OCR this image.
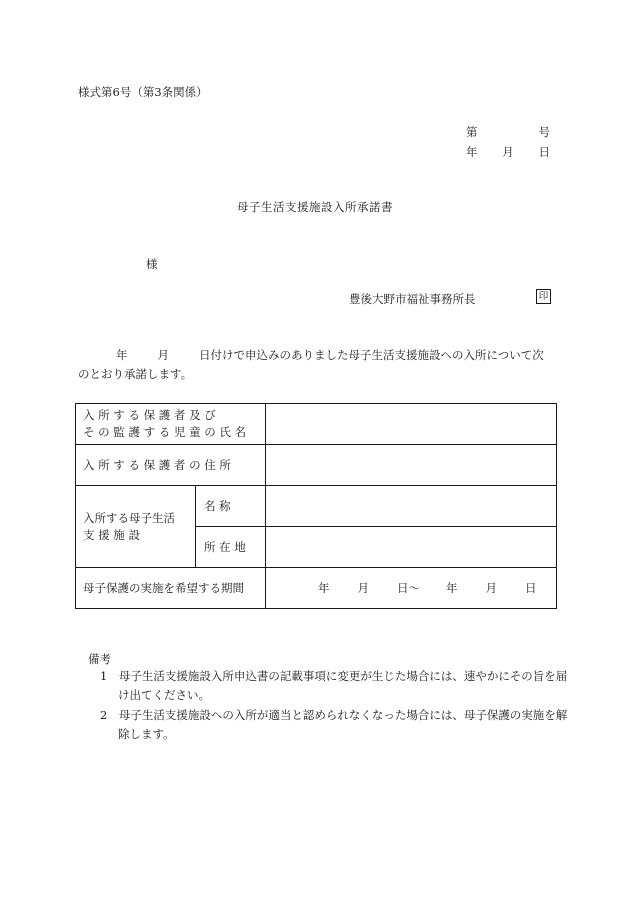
様式第6号（第3条関係）
第	号
年 月 日
母子生活支援施設入所承諾書
様
豊後大野市福祉事務所長	印
年	月	日付けで申込みのありました母子生活支援施設への入所について次のとおり承諾します。
入 所 す る 保 護 者 及 び
そ の 監 護 す る 児 童 の 氏 名		

入 所 す る 保 護 者 の 住 所		

入所する母子生活
支 援 施 設	名 称	
	所 在 地	
母子保護の実施を希望する期間		年 月 日〜 年 月 日
備考
1　母子生活支援施設入所申込書の記載事項に変更が生じた場合には、速やかにその旨を届け出てください。
2　母子生活支援施設への入所が適当と認められなくなった場合には、母子保護の実施を解除します。
